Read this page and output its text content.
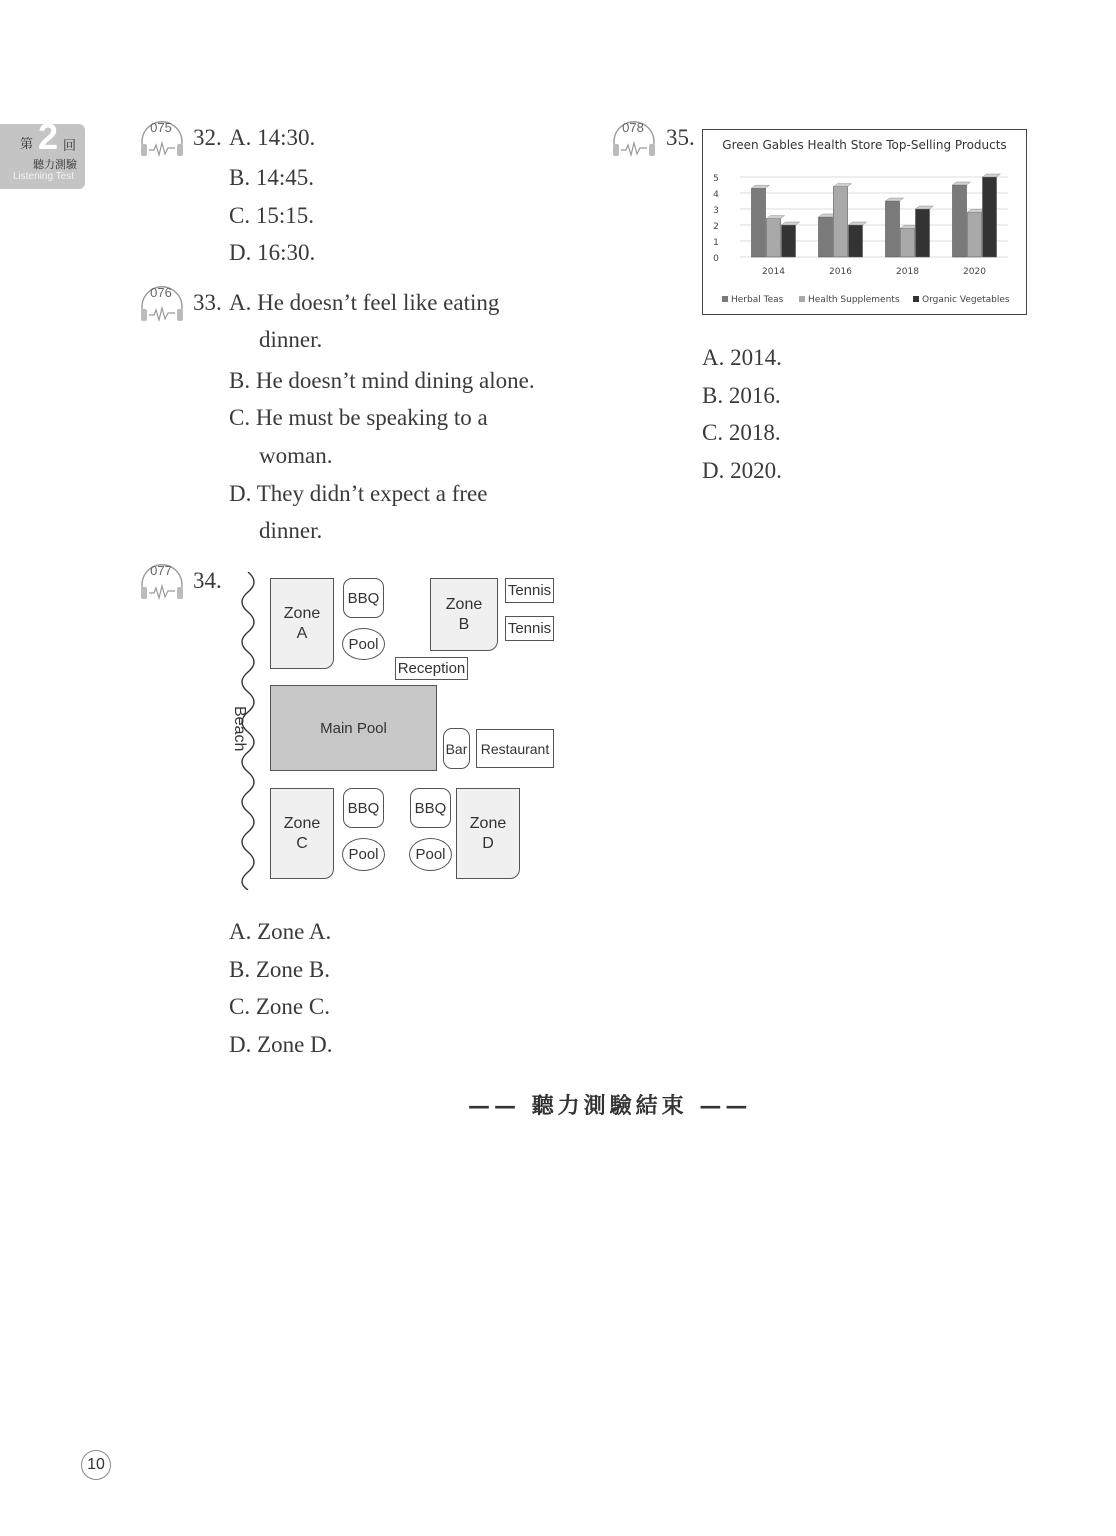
第 2 回
聽力測驗
Listening Test
075 32. A. 14:30.
B. 14:45.
C. 15:15.
D. 16:30.
076 33. A. He doesn’t feel like eating
dinner.
B. He doesn’t mind dining alone.
C. He must be speaking to a
woman.
D. They didn’t expect a free
dinner.
077 34.
Beach
Zone
A
BBQ
Pool
Zone
B
Tennis
Tennis
Reception
Main Pool
Bar Restaurant
Zone
C
BBQ
Pool
BBQ
Pool
Zone
D
A. Zone A.
B. Zone B.
C. Zone C.
D. Zone D.
078 35.	Green Gables Health Store Top-Selling Products
0
1
2
3
4
5
2014	2016	2018	2020
Herbal Teas	Health Supplements Organic Vegetables
A. 2014.
B. 2016.
C. 2018.
D. 2020.
—— 聽力測驗結束 ——
10
